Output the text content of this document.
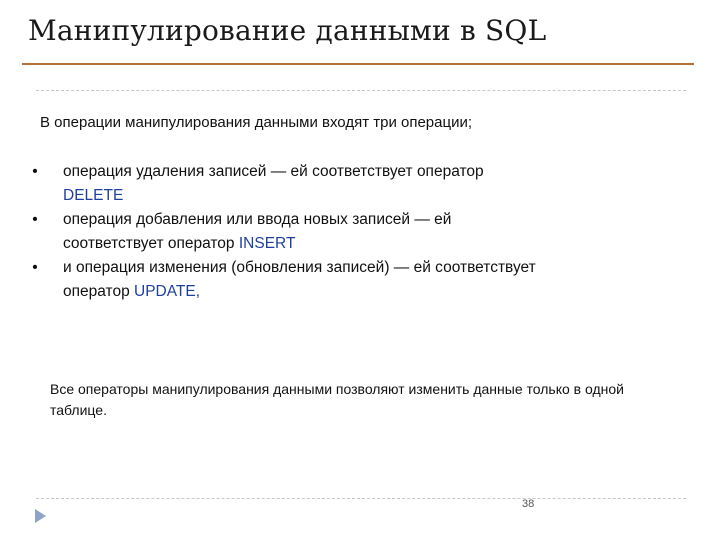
Манипулирование данными в SQL
В операции манипулирования данными входят три операции;
• операция удаления записей — ей соответствует оператор DELETE
• операция добавления или ввода новых записей — ей соответствует оператор INSERT
• и операция изменения (обновления записей) — ей соответствует оператор UPDATE,
Все операторы манипулирования данными позволяют изменить данные только в одной таблице.
38
